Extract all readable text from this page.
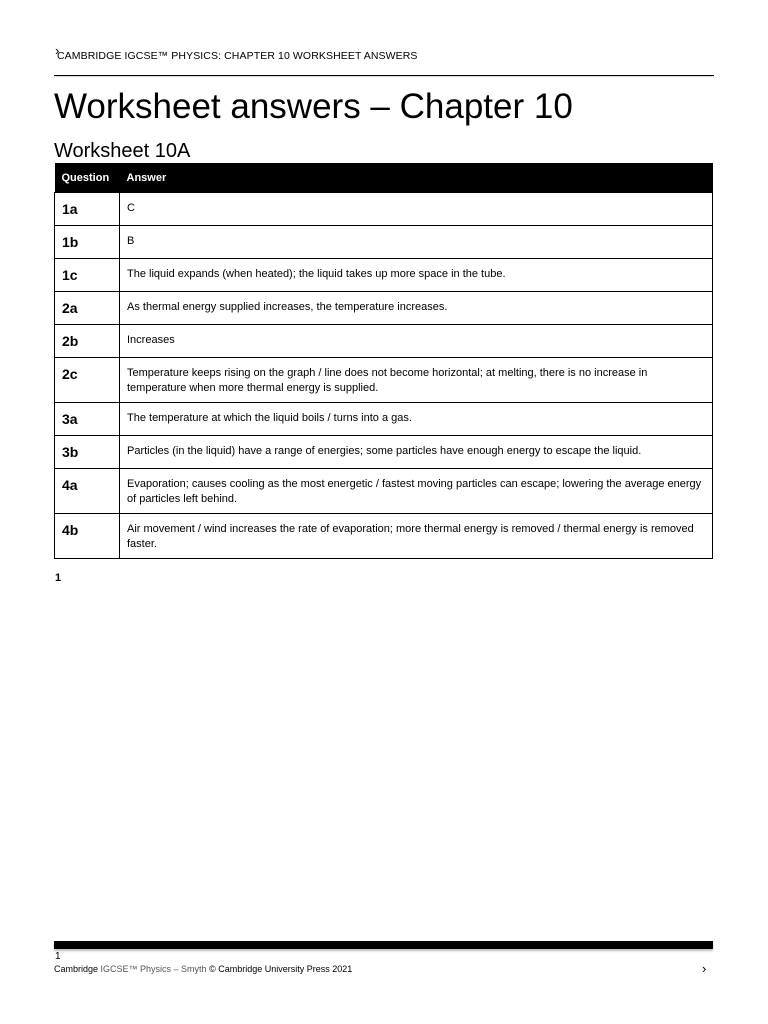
›
CAMBRIDGE IGCSE™ PHYSICS: CHAPTER 10 WORKSHEET ANSWERS
Worksheet answers – Chapter 10
Worksheet 10A
Question	Answer
1a	C
1b	B
1c	The liquid expands (when heated); the liquid takes up more space in the tube.
2a	As thermal energy supplied increases, the temperature increases.
2b	Increases
2c	Temperature keeps rising on the graph / line does not become horizontal; at melting, there is no increase in temperature when more thermal energy is supplied.
3a	The temperature at which the liquid boils / turns into a gas.
3b	Particles (in the liquid) have a range of energies; some particles have enough energy to escape the liquid.
4a	Evaporation; causes cooling as the most energetic / fastest moving particles can escape; lowering the average energy of particles left behind.
4b	Air movement / wind increases the rate of evaporation; more thermal energy is removed / thermal energy is removed faster.
1
1
Cambridge IGCSE™ Physics – Smyth © Cambridge University Press 2021	›
